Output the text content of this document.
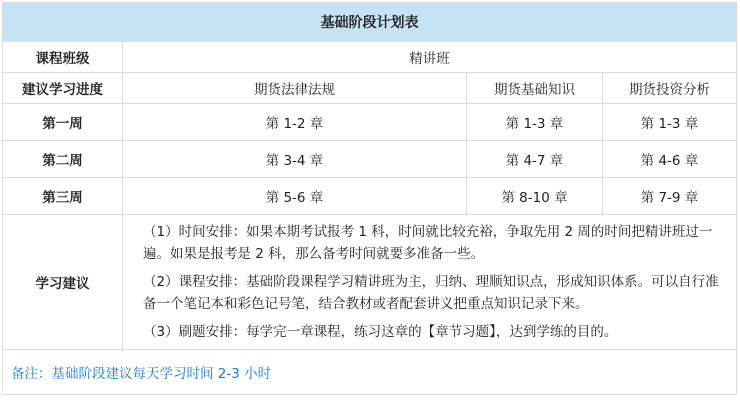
基础阶段计划表			
课程班级	精讲班		
建议学习进度	期货法律法规	期货基础知识	期货投资分析
第一周	第 1-2 章	第 1-3 章	第 1-3 章
第二周	第 3-4 章	第 4-7 章	第 4-6 章
第三周	第 5-6 章	第 8-10 章	第 7-9 章
学习建议	（1）时间安排：如果本期考试报考 1 科，时间就比较充裕，争取先用 2 周的时间把精讲班过一遍。如果是报考是 2 科，那么备考时间就要多准备一些。

（2）课程安排：基础阶段课程学习精讲班为主，归纳、理顺知识点，形成知识体系。可以自行准备一个笔记本和彩色记号笔，结合教材或者配套讲义把重点知识记录下来。

（3）刷题安排：每学完一章课程，练习这章的【章节习题】，达到学练的目的。		

备注：基础阶段建议每天学习时间 2-3 小时			
